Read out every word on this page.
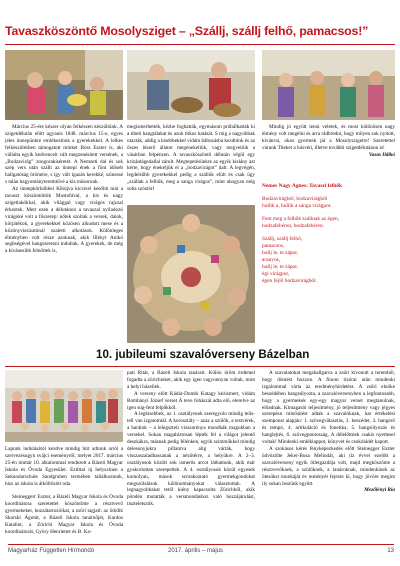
Tavaszköszöntő Mosolysziget – „Szállj, szállj felhő, pamacsos!”

Március 25-ére készer olyan felkészen készültünk. A szigetdélután előtt ugyanis 1848. március 15-e, egyes jeles ünnepünkre emlékeztünk a gyerekekkel. A lelkes felkészülésben támogatott minket Bóra Eszter is, aki vállalta egyik kedvenceit vált megzenésített versének, a „Bodzavirág” zongorakíséretét. A Nemzeti dal és sok szép vers után szállt az ünnepi ének a fönt időseb hallgatóság örömére, s így vált igazán kerekké, színessé s talán hagyományteremtővé a kis műsorunk.

Az ünnepkörhöbbel Kibújva kicsivel később már a tavaszt köszöntöttük Mustofával, a kis és nagy szigetlakókkal, akik világgal vagy virágos rajzzal érkeztek. Mert ezen a délutánon a tavaszal nyiladozó virágoké volt a főszerep: nőtek szoltak a versek, dalok, körjátékok, a gyerekekkel közösen alkudott mese és a közönyvissizatúnál szaletti alkotások. Különleges élményben volt része azoknak, akik Illényt Anikó segítségével hangszerezni indultak. A gyerekek, de még a kívánesibb felnőttek is,

megismerhették, kézbe foghatták, egymásom próbálhatták ki a tibeti hangtálakat és azok titkos hatását. S mig a nagyobbak utazták, addig a kisebbekkel vidám bábozásba kezdtünk és az őszes lézerő állatot megénekeltük, vagy megvetiük a vásárban felpénzen. A tavaszköszöntő délután végül egy krizántágedallal zárult. Megtepetésünkre az egyik kislány azt kérte, hogy énekeljük el a „bodzavirágot” dalt. A legvégén, legdelsőbb gyerekekkel pedig a szállók elült és csak úgy „szállak a felhők, meg a sanga virágos”, mint ahogyan még soha szóztörl

Mindig jó együtt lenni veletek, és most különösen nagy élmény volt megélni és arra rádbredni, hogy milyen sok nyitott, kíváncsi, okos gyermek jár a Mosolyszigetre! Szeretettel várunk Titeket a húsvéti, illetve további szigetdélutánon is!

Vasas Ildikó
Nemes Nagy Ágnes: Tavaszi felhők
Bodzavirágból, bodzavirágból
hullik a, hullik a sánga virágpor.
Fent meg a felhők szállnak az égen,
bodzafehéren, bodzafehéren.
Szállj, szállj felhő,
pamacsos,
hullj le, te zápor,
aranyos,
hullj le, te zápor,
égi virágpor,
égen fejlő bodzavirágból.
10. jubileumi szavalóverseny Bázelban
Lapunk indulásától kezdve mindig hírt adtunk arról a szervezésugyn svájci eseményről, melyet 2017. március 25-én immár 10. alkalommal rendezett a Bázeli Magyar Iskola és Óvoda Egyesület. Eztíttal új helyszínen a Sekundarschule Sandgruben termében tallálkoztunk, hisz az iskola is átköltözött oda.

Steineggerr Eszter, a Bázeli Magyar Iskola és Óvoda koordinátora szeretettel köszöntötte a résztvevő gyermekeket, hozzátartozóikat, a zsűri tagjait: az ötödik Skorski Ágotát, a Bázeli Iskola tanárnőjét, Kardos Katalint, a Zürichi Magyar Iskola és Óvoda koordinátorát, Györy Henriettet és B. Ka-

pati Ritát, a Bázeli Iskola tanárait. Külön öröm érdemel fogadta a zürichieket, akik egy igen vagyonnyan voltak, mint a helyi bázeliek.

A verseny előtt Kádár-Dombi Katagy kézismert, vidám Romhányi József verset Á teve fohászát adta elő, elerelve az igen súg-fent felpőkkól.

A legkisebbek, az 1. osztályosok szeregyolo mindig telis-tell van izgatomtál. A korosztály – azaz a szülők, a testvérek, a barátok – a lelegszteit vízszorénya mondhák magukban a versekel. Sokan magabiztosan lépték fel a világot jelentő deszkákra, másnak pedig félénken, egyik szimmükkel mindig delesonyjukra pillantva alig várták, hogy visszaszaladhassanak a nézőtérre, a helyükre. A 2–3. osztályosok között sok ismerős arcot láthattunk, akik már gyakorlottan szerepeltek. A 4. osztályosok közül egyesek komolyan, mások szórakoztató gyermekgondokat megszólalásuk különutmányokat választottak. A legnagyobbakat tetől kiény kapacsolta Zürichből, akik pöndén mutatták a versmondáshoz való hozzájárulást, tiszteletsztik.

A szavalatokat megahallgatva a zsűri kivonult a teremből, hogy döntést hozzon. A finom tízórai után mindenki izgalommal várta az eredményhirdetést. A zsűri elnöke beszédében hangsúlyozta, a szavalóversenyben a legfontosabb, hogy a gyermekek egy-egy magyar verset megtanulnak, előadnak. Kimagasló teljesítmény, jó teljesítmény vagy jégyes szerepésn minősítést adtak a szavalóknak, hat értékelési szemponst alapján: 1. szövegválasztás, 2. beszédet, 3. hangerő és tempó, 4. artikuláció és fonetika, 5. hangsúlyozás és hanglejtés, 6. szövegpontosság. A délelőttnek csakis nyertesei voltak! Mindenki emléklappot, könyvet és csokoládét kapott.

A szokásos kérés fényképezkedés előtt Steinegger Eszter üdvözölte Jeker-Busa Melindát, aki tíz évvel ezelőtt a szavalóverseny egyik ötletgazdája volt, majd megköszönte a résztvevőknek, a szülőknek, a tanároknak, mindenkinek az ötesükst munkáját és reményét fejezte ki, hogy jövőre megint ily sokan leszünk együtt.

Mezőlényi Ria
Magyarház Független Hírmondó	2017. április – május	13
